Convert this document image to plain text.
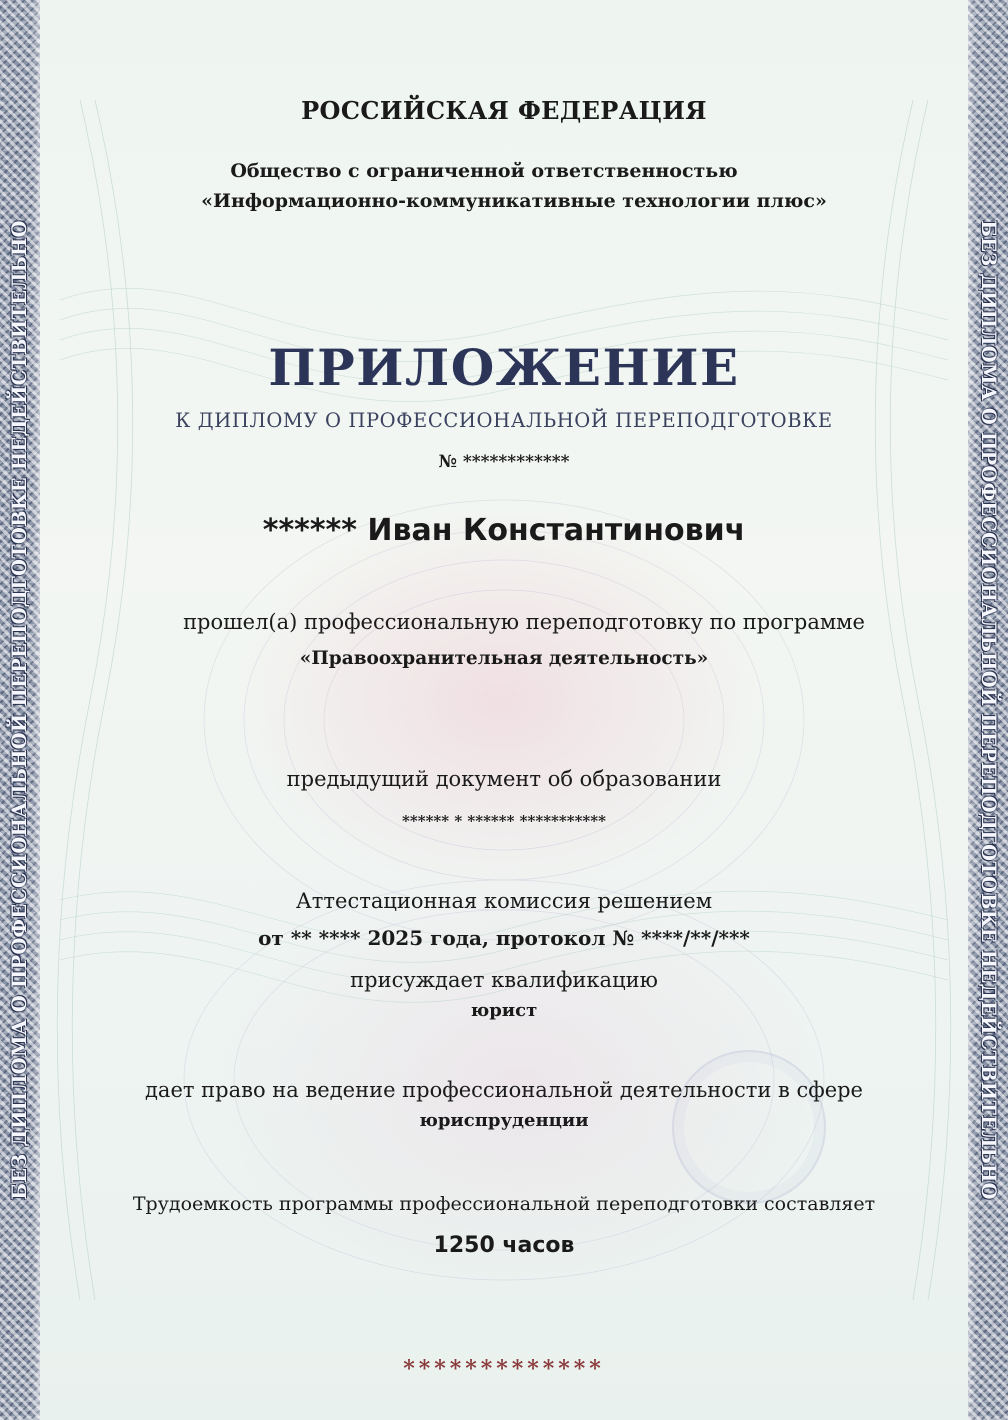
БЕЗ ДИПЛОМА О ПРОФЕССИОНАЛЬНОЙ ПЕРЕПОДГОТОВКЕ НЕДЕЙСТВИТЕЛЬНО	БЕЗ ДИПЛОМА О ПРОФЕССИОНАЛЬНОЙ ПЕРЕПОДГОТОВКЕ НЕДЕЙСТВИТЕЛЬНО
РОССИЙСКАЯ ФЕДЕРАЦИЯ
Общество с ограниченной ответственностью
«Информационно-коммуникативные технологии плюс»
ПРИЛОЖЕНИЕ
К ДИПЛОМУ О ПРОФЕССИОНАЛЬНОЙ ПЕРЕПОДГОТОВКЕ
№ ************
****** Иван Константинович
прошел(а) профессиональную переподготовку по программе
«Правоохранительная деятельность»
предыдущий документ об образовании
****** * ****** ***********
Аттестационная комиссия решением
от ** **** 2025 года, протокол № ****/**/***
присуждает квалификацию
юрист
дает право на ведение профессиональной деятельности в сфере
юриспруденции
Трудоемкость программы профессиональной переподготовки составляет
1250 часов
*************
